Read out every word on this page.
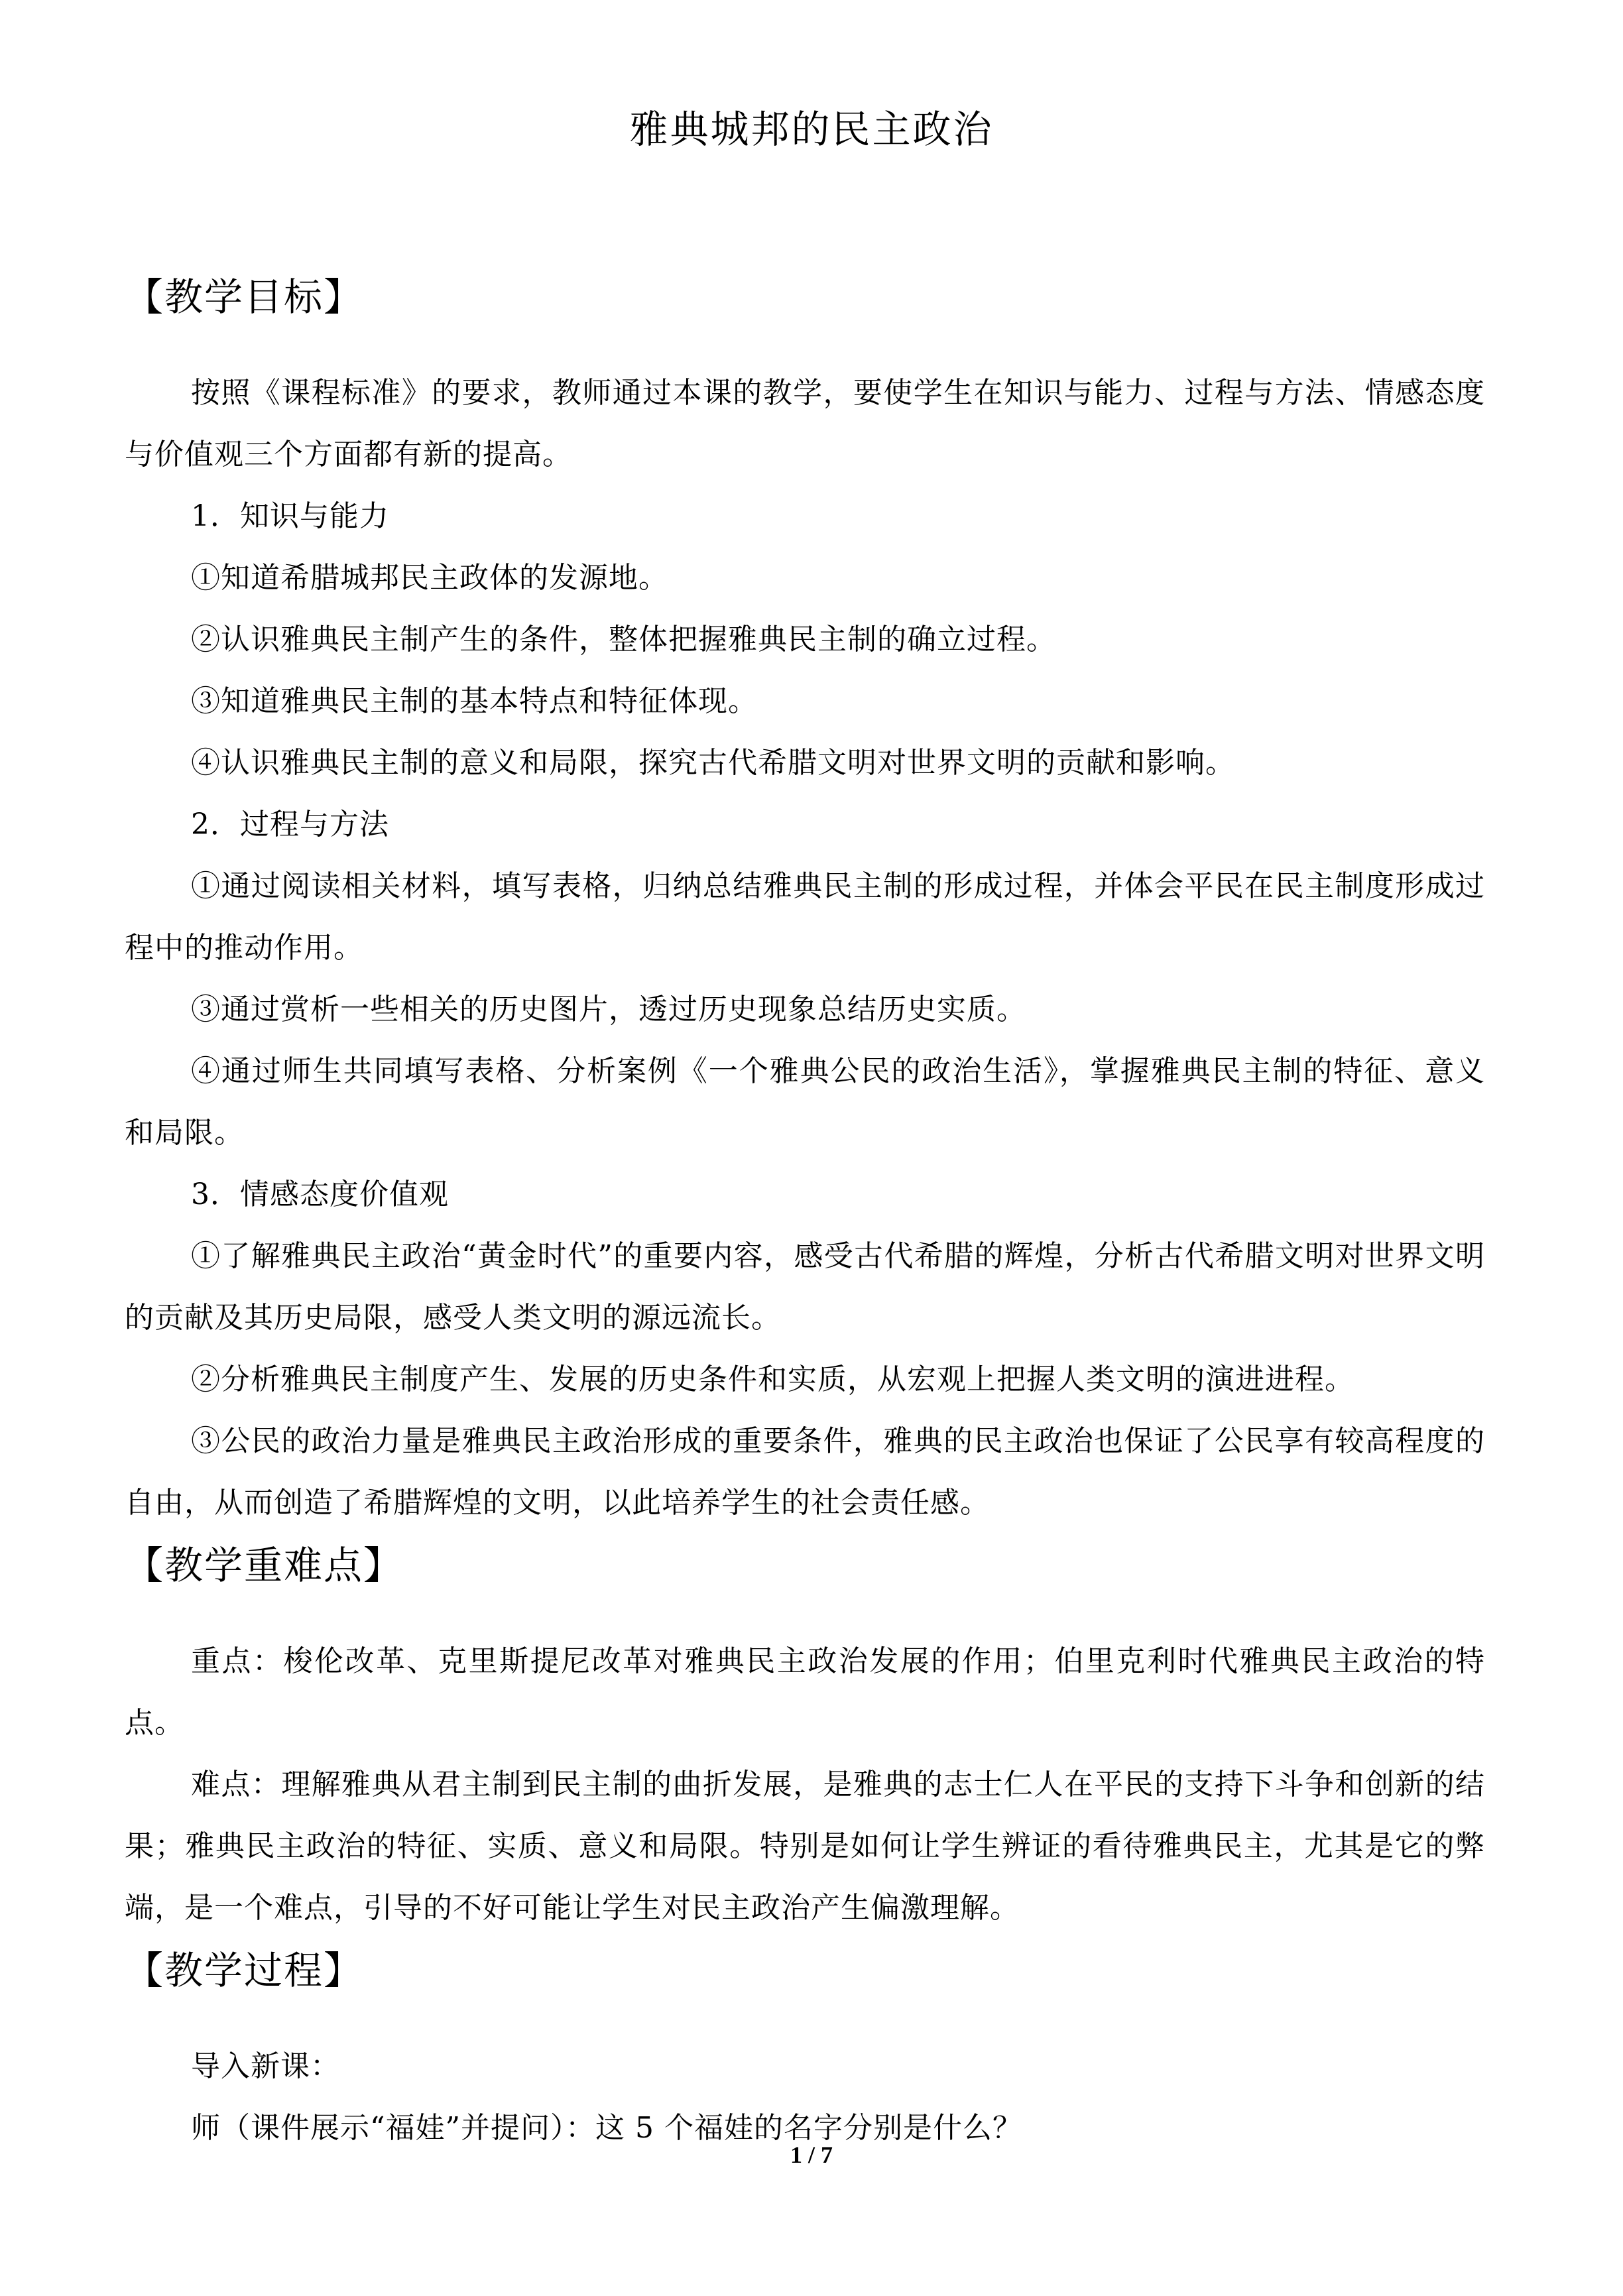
雅典城邦的民主政治

【教学目标】

按照《课程标准》的要求，教师通过本课的教学，要使学生在知识与能力、过程与方法、情感态度与价值观三个方面都有新的提高。

1．知识与能力

①知道希腊城邦民主政体的发源地。

②认识雅典民主制产生的条件，整体把握雅典民主制的确立过程。

③知道雅典民主制的基本特点和特征体现。

④认识雅典民主制的意义和局限，探究古代希腊文明对世界文明的贡献和影响。

2．过程与方法

①通过阅读相关材料，填写表格，归纳总结雅典民主制的形成过程，并体会平民在民主制度形成过程中的推动作用。

③通过赏析一些相关的历史图片，透过历史现象总结历史实质。

④通过师生共同填写表格、分析案例《一个雅典公民的政治生活》，掌握雅典民主制的特征、意义和局限。

3．情感态度价值观

①了解雅典民主政治“黄金时代”的重要内容，感受古代希腊的辉煌，分析古代希腊文明对世界文明的贡献及其历史局限，感受人类文明的源远流长。

②分析雅典民主制度产生、发展的历史条件和实质，从宏观上把握人类文明的演进进程。

③公民的政治力量是雅典民主政治形成的重要条件，雅典的民主政治也保证了公民享有较高程度的自由，从而创造了希腊辉煌的文明，以此培养学生的社会责任感。

【教学重难点】

重点：梭伦改革、克里斯提尼改革对雅典民主政治发展的作用；伯里克利时代雅典民主政治的特点。

难点：理解雅典从君主制到民主制的曲折发展，是雅典的志士仁人在平民的支持下斗争和创新的结果；雅典民主政治的特征、实质、意义和局限。特别是如何让学生辨证的看待雅典民主，尤其是它的弊端，是一个难点，引导的不好可能让学生对民主政治产生偏激理解。

【教学过程】

导入新课：

师（课件展示“福娃”并提问）：这 5 个福娃的名字分别是什么？

1 / 7
